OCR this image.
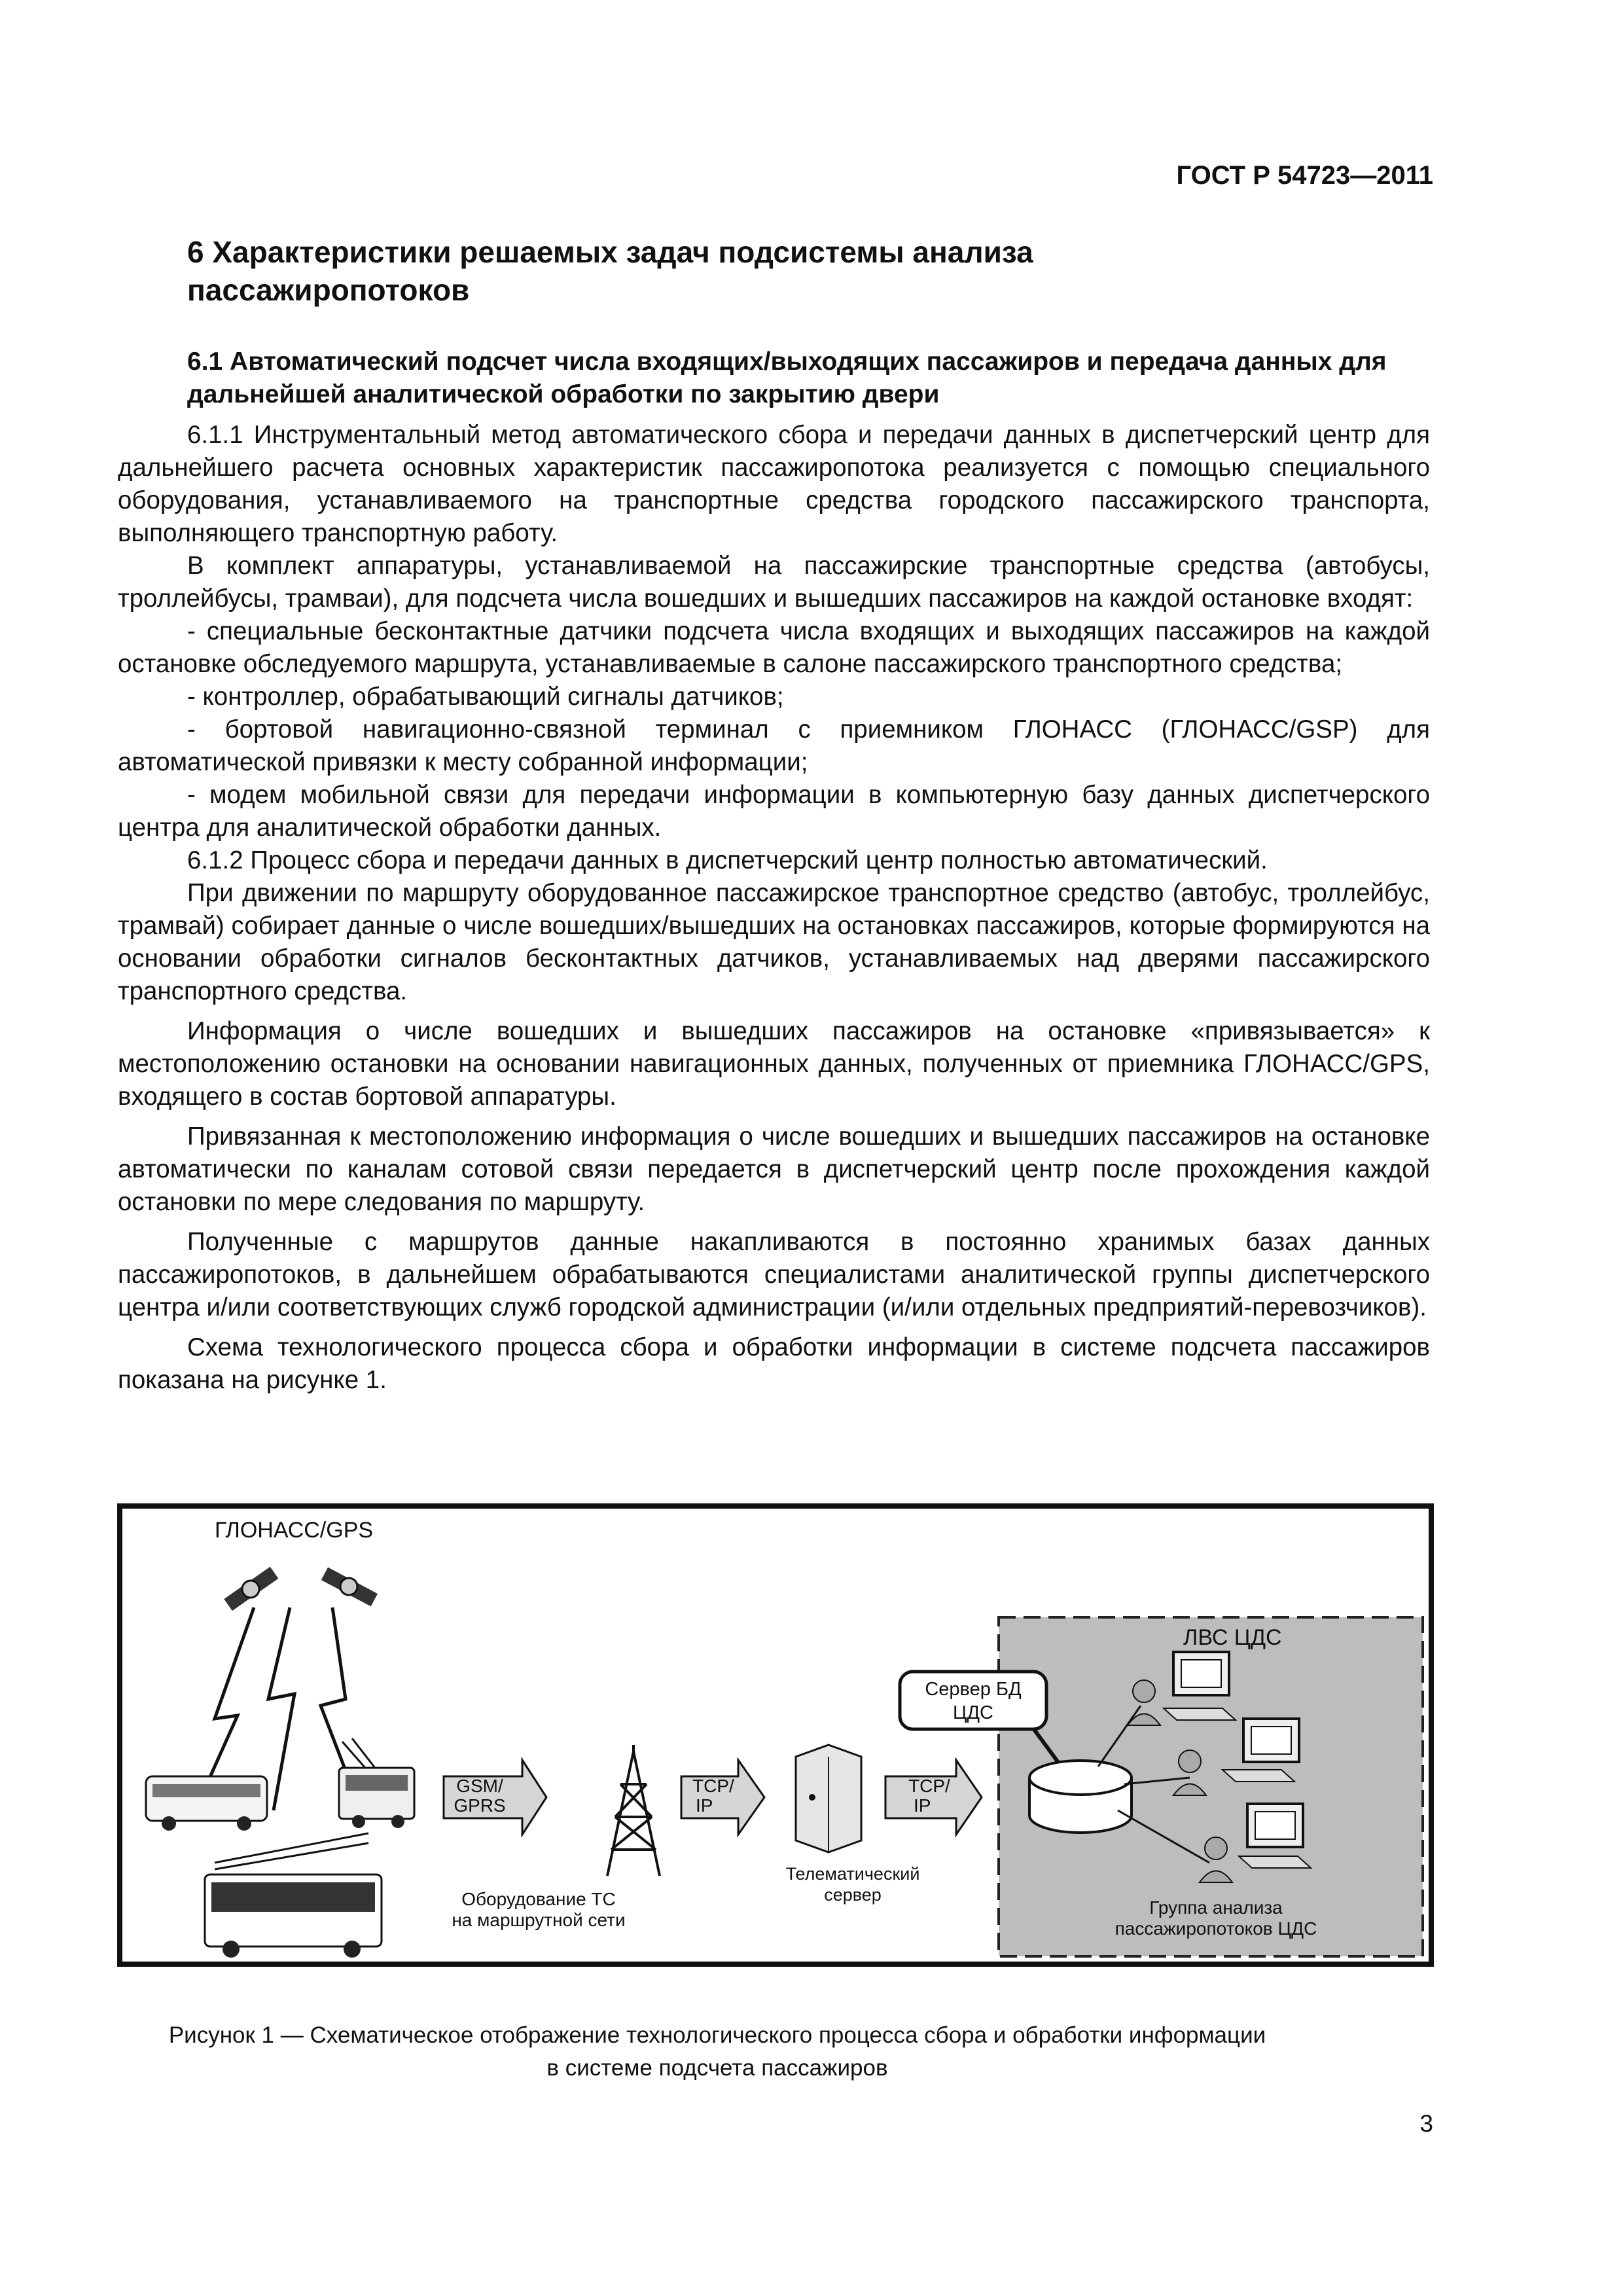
ГОСТ Р 54723—2011
6 Характеристики решаемых задач подсистемы анализа пассажиропотоков
6.1 Автоматический подсчет числа входящих/выходящих пассажиров и передача данных для дальнейшей аналитической обработки по закрытию двери

6.1.1 Инструментальный метод автоматического сбора и передачи данных в диспетчерский центр для дальнейшего расчета основных характеристик пассажиропотока реализуется с помощью специального оборудования, устанавливаемого на транспортные средства городского пассажирского транспорта, выполняющего транспортную работу.

В комплект аппаратуры, устанавливаемой на пассажирские транспортные средства (автобусы, троллейбусы, трамваи), для подсчета числа вошедших и вышедших пассажиров на каждой остановке входят:

- специальные бесконтактные датчики подсчета числа входящих и выходящих пассажиров на каждой остановке обследуемого маршрута, устанавливаемые в салоне пассажирского транспортного средства;

- контроллер, обрабатывающий сигналы датчиков;

- бортовой навигационно-связной терминал с приемником ГЛОНАСС (ГЛОНАСС/GSP) для автоматической привязки к месту собранной информации;

- модем мобильной связи для передачи информации в компьютерную базу данных диспетчерского центра для аналитической обработки данных.

6.1.2 Процесс сбора и передачи данных в диспетчерский центр полностью автоматический.

При движении по маршруту оборудованное пассажирское транспортное средство (автобус, троллейбус, трамвай) собирает данные о числе вошедших/вышедших на остановках пассажиров, которые формируются на основании обработки сигналов бесконтактных датчиков, устанавливаемых над дверями пассажирского транспортного средства.

Информация о числе вошедших и вышедших пассажиров на остановке «привязывается» к местоположению остановки на основании навигационных данных, полученных от приемника ГЛОНАСС/GPS, входящего в состав бортовой аппаратуры.

Привязанная к местоположению информация о числе вошедших и вышедших пассажиров на остановке автоматически по каналам сотовой связи передается в диспетчерский центр после прохождения каждой остановки по мере следования по маршруту.

Полученные с маршрутов данные накапливаются в постоянно хранимых базах данных пассажиропотоков, в дальнейшем обрабатываются специалистами аналитической группы диспетчерского центра и/или соответствующих служб городской администрации (и/или отдельных предприятий-перевозчиков).

Схема технологического процесса сбора и обработки информации в системе подсчета пассажиров показана на рисунке 1.

ГЛОНАСС/GPS
GSM/
GPRS
TCP/
IP
Телематический
сервер
TCP/
IP
ЛВС ЦДС
Сервер БД
ЦДС
Группа анализа
пассажиропотоков ЦДС
Оборудование ТС
на маршрутной сети
Рисунок 1 — Схематическое отображение технологического процесса сбора и обработки информации
в системе подсчета пассажиров
3
